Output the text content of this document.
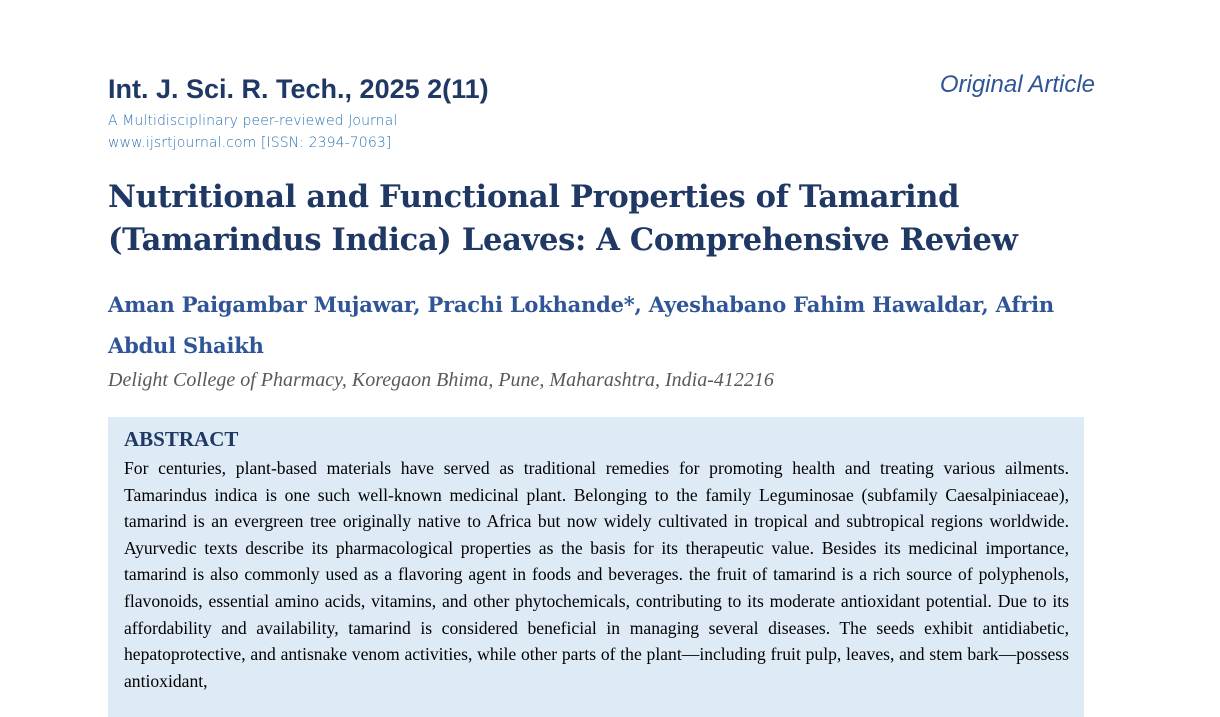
Int. J. Sci. R. Tech., 2025 2(11)	Original Article
A Multidisciplinary peer-reviewed Journal
www.ijsrtjournal.com [ISSN: 2394-7063]
Nutritional and Functional Properties of Tamarind (Tamarindus Indica) Leaves: A Comprehensive Review
Aman Paigambar Mujawar, Prachi Lokhande*, Ayeshabano Fahim Hawaldar, Afrin Abdul Shaikh
Delight College of Pharmacy, Koregaon Bhima, Pune, Maharashtra, India-412216
ABSTRACT

For centuries, plant-based materials have served as traditional remedies for promoting health and treating various ailments. Tamarindus indica is one such well-known medicinal plant. Belonging to the family Leguminosae (subfamily Caesalpiniaceae), tamarind is an evergreen tree originally native to Africa but now widely cultivated in tropical and subtropical regions worldwide. Ayurvedic texts describe its pharmacological properties as the basis for its therapeutic value. Besides its medicinal importance, tamarind is also commonly used as a flavoring agent in foods and beverages. the fruit of tamarind is a rich source of polyphenols, flavonoids, essential amino acids, vitamins, and other phytochemicals, contributing to its moderate antioxidant potential. Due to its affordability and availability, tamarind is considered beneficial in managing several diseases. The seeds exhibit antidiabetic, hepatoprotective, and antisnake venom activities, while other parts of the plant—including fruit pulp, leaves, and stem bark—possess antioxidant,
